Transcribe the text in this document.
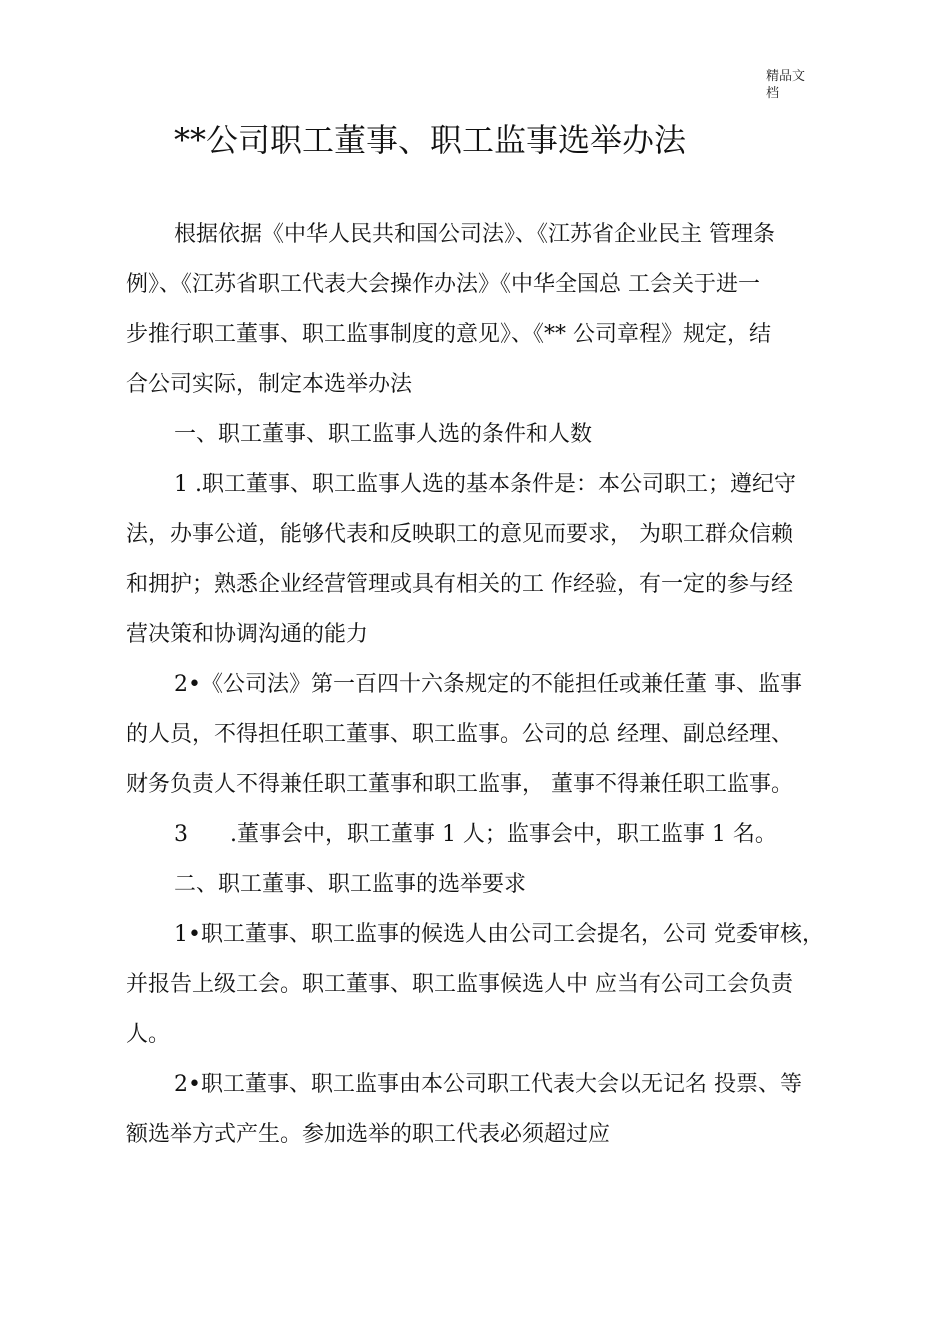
精品文
档
**公司职工董事、职工监事选举办法
根据依据《中华人民共和国公司法》、《江苏省企业民主 管理条
例》、《江苏省职工代表大会操作办法》《中华全国总 工会关于进一
步推行职工董事、职工监事制度的意见》、《** 公司章程》规定，结
合公司实际，制定本选举办法
一、职工董事、职工监事人选的条件和人数
1 .职工董事、职工监事人选的基本条件是：本公司职工；遵纪守
法，办事公道，能够代表和反映职工的意见而要求， 为职工群众信赖
和拥护；熟悉企业经营管理或具有相关的工 作经验，有一定的参与经
营决策和协调沟通的能力
2•《公司法》第一百四十六条规定的不能担任或兼任董 事、监事
的人员，不得担任职工董事、职工监事。公司的总 经理、副总经理、
财务负责人不得兼任职工董事和职工监事， 董事不得兼任职工监事。
3      .董事会中，职工董事 1 人；监事会中，职工监事 1 名。
二、职工董事、职工监事的选举要求
1•职工董事、职工监事的候选人由公司工会提名，公司 党委审核，
并报告上级工会。职工董事、职工监事候选人中 应当有公司工会负责
人。
2•职工董事、职工监事由本公司职工代表大会以无记名 投票、等
额选举方式产生。参加选举的职工代表必须超过应
